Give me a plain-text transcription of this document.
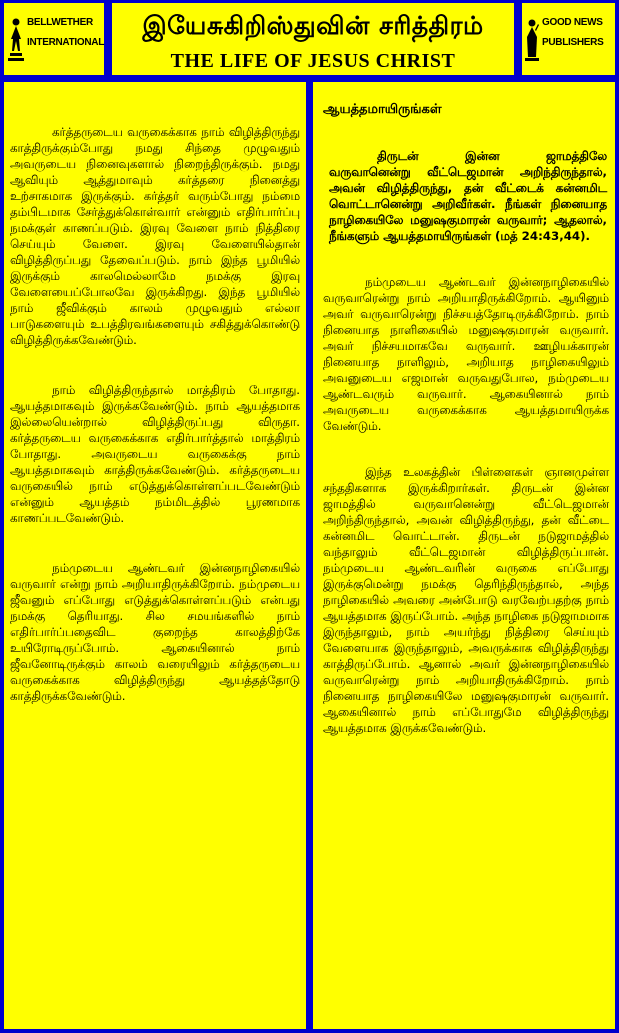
BELLWETHER
INTERNATIONAL
இயேசுகிறிஸ்துவின் சரித்திரம்
THE LIFE OF JESUS CHRIST
GOOD NEWS
PUBLISHERS

கர்த்தருடைய வருகைக்காக நாம் விழித்திருந்து காத்திருக்கும்போது நமது சிந்தை முழுவதும் அவருடைய நினைவுகளால் நிறைந்திருக்கும். நமது ஆவியும் ஆத்துமாவும் கர்த்தரை நினைத்து உற்சாகமாக இருக்கும். கர்த்தர் வரும்போது நம்மை தம்பிடமாக சேர்த்துக்கொள்வார் என்னும் எதிர்பார்ப்பு நமக்குள் காணப்படும். இரவு வேளை நாம் நித்திரை செய்யும் வேளை. இரவு வேளையில்தான் விழித்திருப்பது தேவைப்படும். நாம் இந்த பூமியில் இருக்கும் காலமெல்லாமே நமக்கு இரவு வேளையைப்போலவே இருக்கிறது. இந்த பூமியில் நாம் ஜீவிக்கும் காலம் முழுவதும் எல்லா பாடுகளையும் உபத்திரவங்களையும் சகித்துக்கொண்டு விழித்திருக்கவேண்டும்.

நாம் விழித்திருந்தால் மாத்திரம் போதாது. ஆயத்தமாகவும் இருக்கவேண்டும். நாம் ஆயத்தமாக இல்லையென்றால் விழித்திருப்பது விருதா. கர்த்தருடைய வருகைக்காக எதிர்பார்த்தால் மாத்திரம் போதாது. அவருடைய வருகைக்கு நாம் ஆயத்தமாகவும் காத்திருக்கவேண்டும். கர்த்தருடைய வருகையில் நாம் எடுத்துக்கொள்ளப்படவேண்டும் என்னும் ஆயத்தம் நம்மிடத்தில் பூரணமாக காணப்படவேண்டும்.

நம்முடைய ஆண்டவர் இன்னநாழிகையில் வருவார் என்று நாம் அறியாதிருக்கிறோம். நம்முடைய ஜீவனும் எப்போது எடுத்துக்கொள்ளப்படும் என்பது நமக்கு தெரியாது. சில சமயங்களில் நாம் எதிர்பார்ப்பதைவிட குறைந்த காலத்திற்கே உயிரோடிருப்போம். ஆகையினால் நாம் ஜீவனோடிருக்கும் காலம் வரையிலும் கர்த்தருடைய வருகைக்காக விழித்திருந்து ஆயத்தத்தோடு காத்திருக்கவேண்டும்.

ஆயத்தமாயிருங்கள்

திருடன் இன்ன ஜாமத்திலே வருவானென்று வீட்டெஜமான் அறிந்திருந்தால், அவன் விழித்திருந்து, தன் வீட்டைக் கன்னமிட வொட்டானென்று அறிவீர்கள். நீங்கள் நினையாத நாழிகையிலே மனுஷகுமாரன் வருவார்; ஆதலால், நீங்களும் ஆயத்தமாயிருங்கள் (மத் 24:43,44).

நம்முடைய ஆண்டவர் இன்னநாழிகையில் வருவாரென்று நாம் அறியாதிருக்கிறோம். ஆயினும் அவர் வருவாரென்று நிச்சயத்தோடிருக்கிறோம். நாம் நினையாத நாளிகையில் மனுஷகுமாரன் வருவார். அவர் நிச்சயமாகவே வருவார். ஊழியக்காரன் நினையாத நாளிலும், அறியாத நாழிகையிலும் அவனுடைய எஜமான் வருவதுபோல, நம்முடைய ஆண்டவரும் வருவார். ஆகையினால் நாம் அவருடைய வருகைக்காக ஆயத்தமாயிருக்க வேண்டும்.

இந்த உலகத்தின் பிள்ளைகள் ஞானமுள்ள சந்ததிகளாக இருக்கிறார்கள். திருடன் இன்ன ஜாமத்தில் வருவானென்று வீட்டெஜமான் அறிந்திருந்தால், அவன் விழித்திருந்து, தன் வீட்டை கன்னமிட வொட்டான். திருடன் நடுஜாமத்தில் வந்தாலும் வீட்டெஜமான் விழித்திருப்பான். நம்முடைய ஆண்டவரின் வருகை எப்போது இருக்குமென்று நமக்கு தெரிந்திருந்தால், அந்த நாழிகையில் அவரை அன்போடு வரவேற்பதற்கு நாம் ஆயத்தமாக இருப்போம். அந்த நாழிகை நடுஜாமமாக இருந்தாலும், நாம் அயர்ந்து நித்திரை செய்யும் வேளையாக இருந்தாலும், அவருக்காக விழித்திருந்து காத்திருப்போம். ஆனால் அவர் இன்னநாழிகையில் வருவாரென்று நாம் அறியாதிருக்கிறோம். நாம் நினையாத நாழிகையிலே மனுஷகுமாரன் வருவார். ஆகையினால் நாம் எப்போதுமே விழித்திருந்து ஆயத்தமாக இருக்கவேண்டும்.
